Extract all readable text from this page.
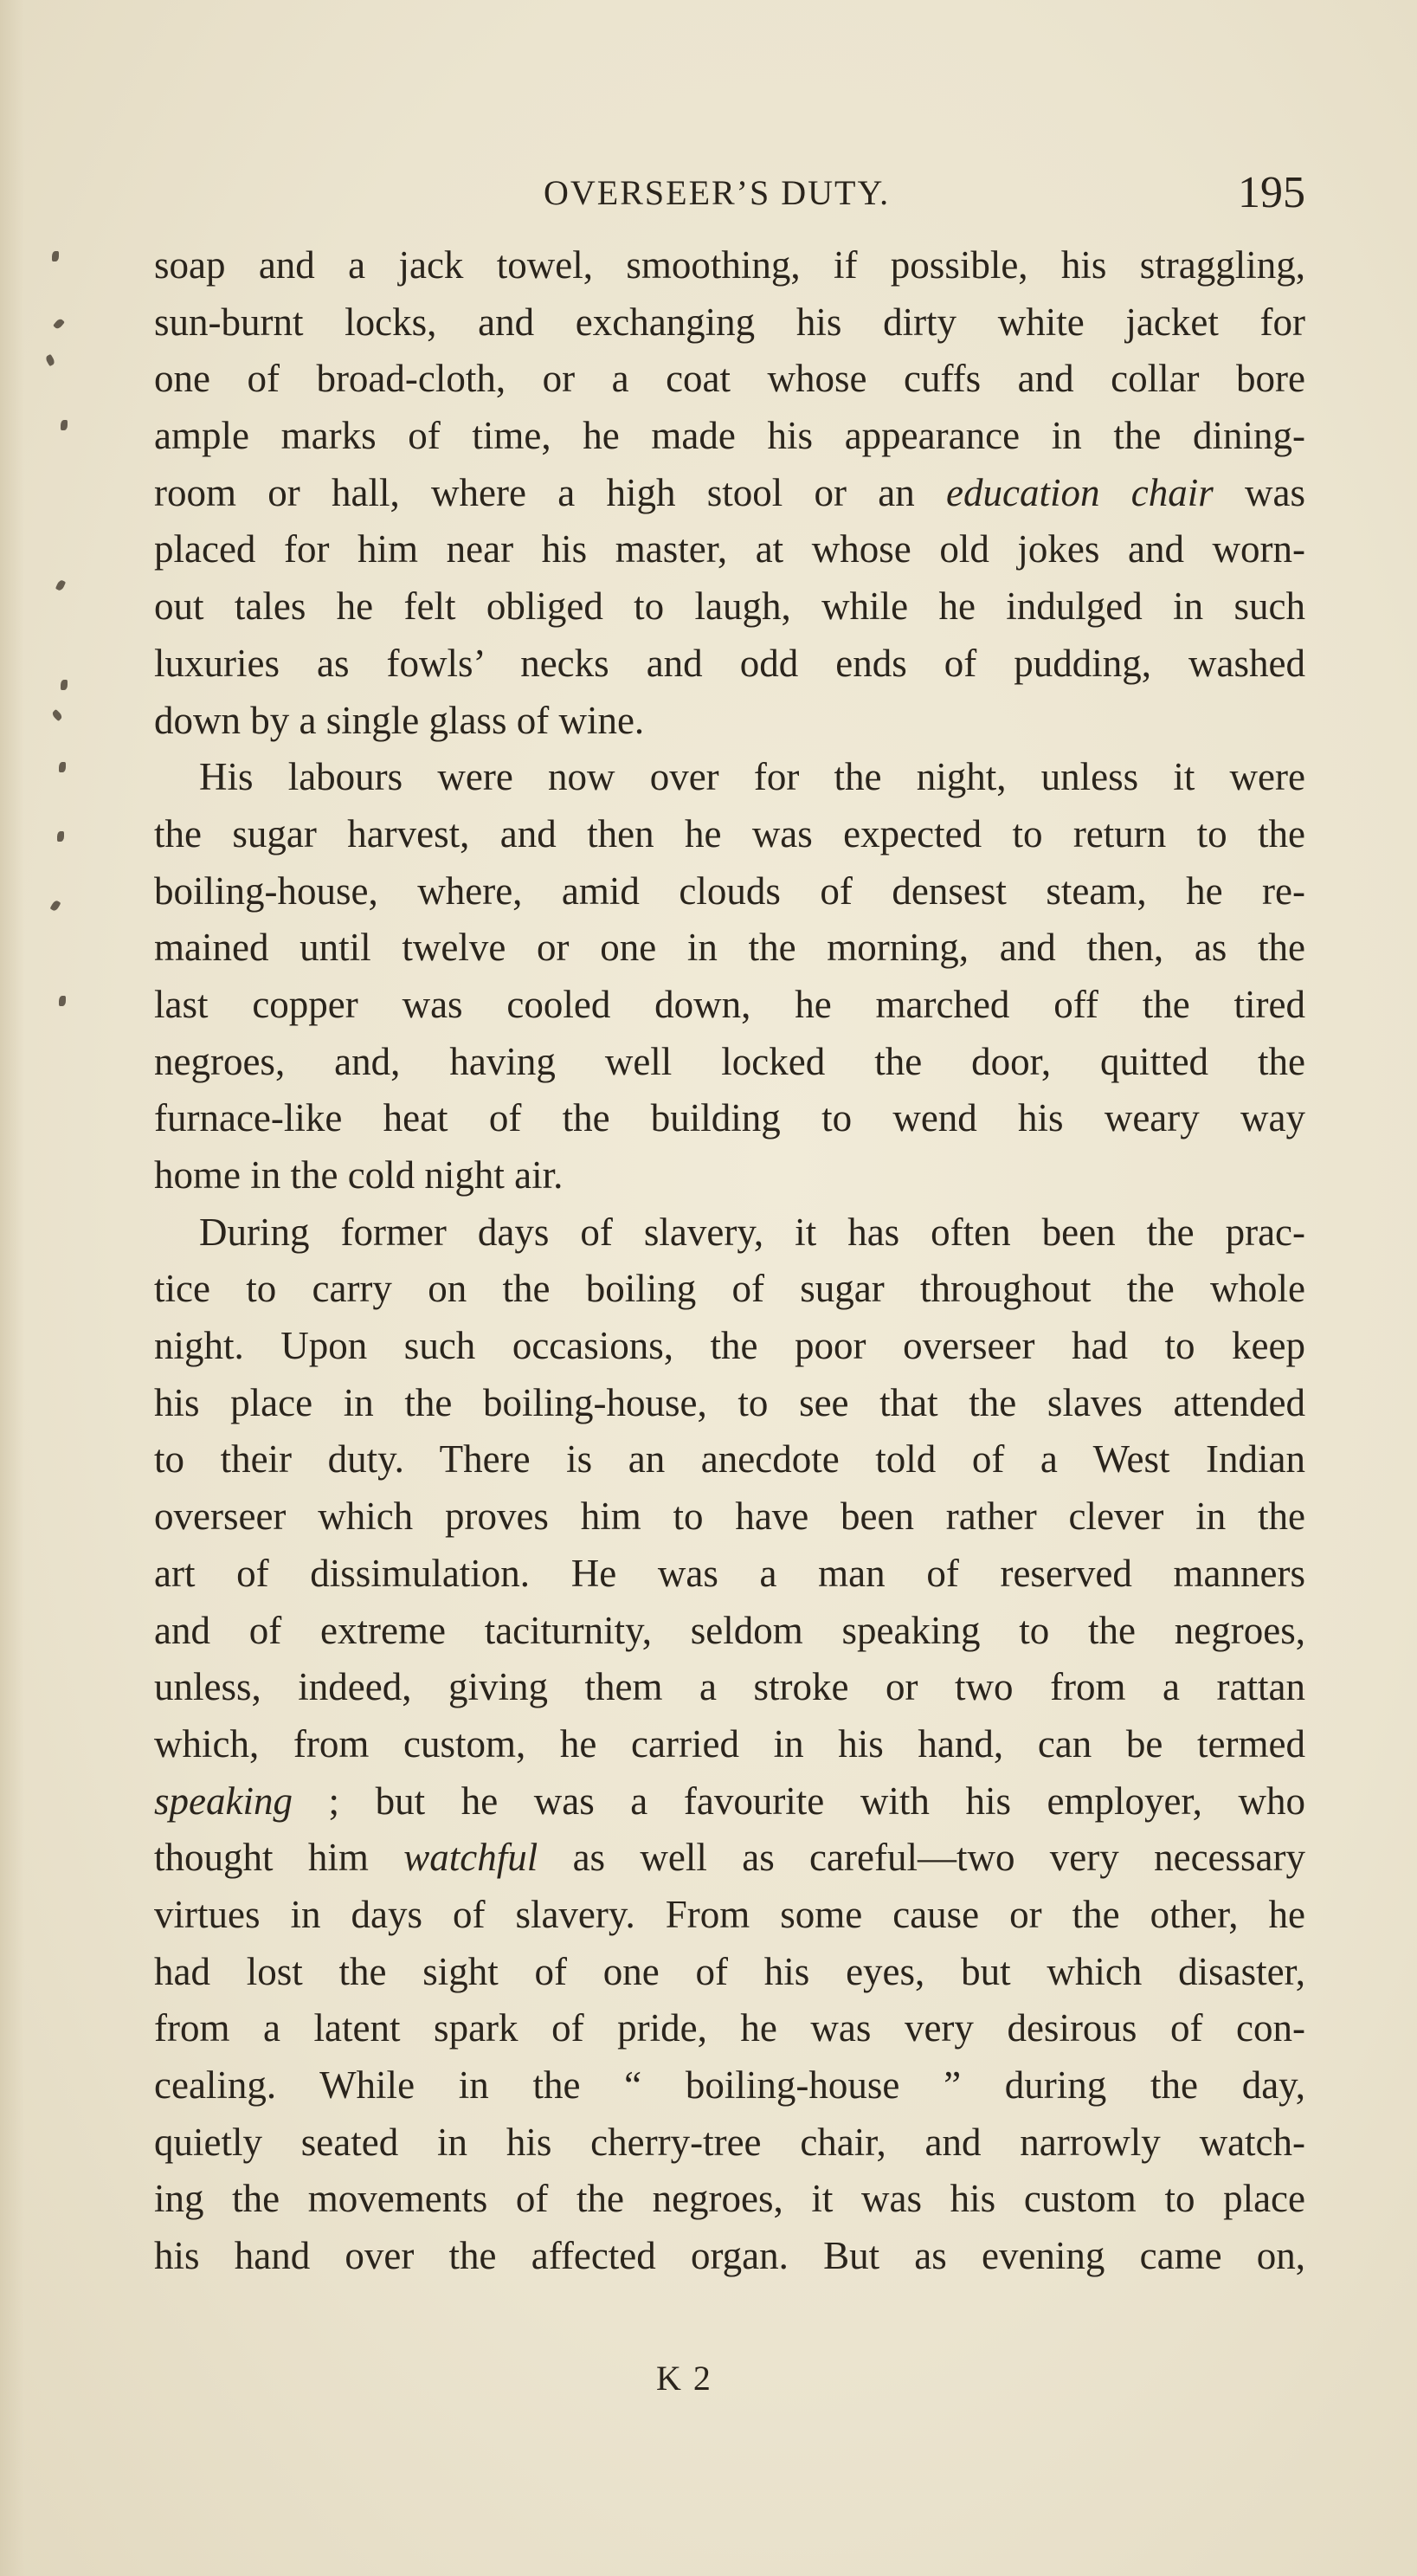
OVERSEER’S DUTY.	195
soap and a jack towel, smoothing, if possible, his straggling,
sun-burnt locks, and exchanging his dirty white jacket for
one of broad-cloth, or a coat whose cuffs and collar bore
ample marks of time, he made his appearance in the dining-
room or hall, where a high stool or an education chair was
placed for him near his master, at whose old jokes and worn-
out tales he felt obliged to laugh, while he indulged in such
luxuries as fowls’ necks and odd ends of pudding, washed
down by a single glass of wine.
His labours were now over for the night, unless it were
the sugar harvest, and then he was expected to return to the
boiling-house, where, amid clouds of densest steam, he re-
mained until twelve or one in the morning, and then, as the
last copper was cooled down, he marched off the tired
negroes, and, having well locked the door, quitted the
furnace-like heat of the building to wend his weary way
home in the cold night air.
During former days of slavery, it has often been the prac-
tice to carry on the boiling of sugar throughout the whole
night. Upon such occasions, the poor overseer had to keep
his place in the boiling-house, to see that the slaves attended
to their duty. There is an anecdote told of a West Indian
overseer which proves him to have been rather clever in the
art of dissimulation. He was a man of reserved manners
and of extreme taciturnity, seldom speaking to the negroes,
unless, indeed, giving them a stroke or two from a rattan
which, from custom, he carried in his hand, can be termed
speaking ; but he was a favourite with his employer, who
thought him watchful as well as careful—two very necessary
virtues in days of slavery. From some cause or the other, he
had lost the sight of one of his eyes, but which disaster,
from a latent spark of pride, he was very desirous of con-
cealing. While in the “ boiling-house ” during the day,
quietly seated in his cherry-tree chair, and narrowly watch-
ing the movements of the negroes, it was his custom to place
his hand over the affected organ. But as evening came on,
K 2
